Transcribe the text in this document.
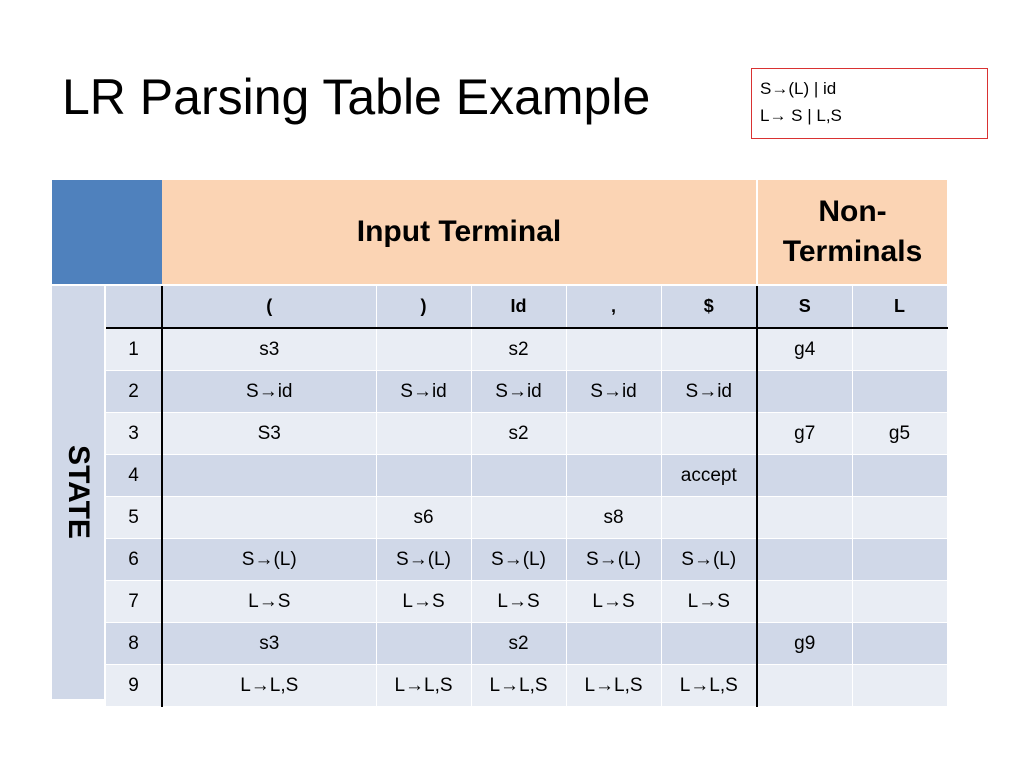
LR Parsing Table Example	S→(L) | id
L→ S | L,S
Input Terminal
Non-
Terminals
STATE
	(	)	Id	,	$	S	L
1	s3		s2			g4	
2	S→id	S→id	S→id	S→id	S→id		
3	S3		s2			g7	g5
4					accept		
5		s6		s8			
6	S→(L)	S→(L)	S→(L)	S→(L)	S→(L)		
7	L→S	L→S	L→S	L→S	L→S		
8	s3		s2			g9	
9	L→L,S	L→L,S	L→L,S	L→L,S	L→L,S		
